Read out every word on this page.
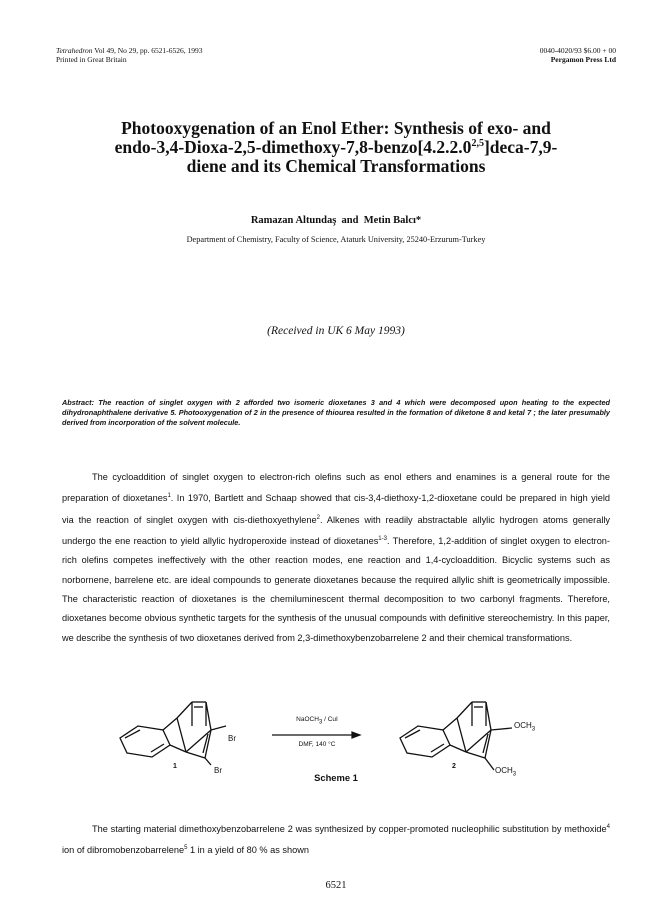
Tetrahedron Vol 49, No 29, pp. 6521-6526, 1993
Printed in Great Britain
0040-4020/93 $6.00 + 00
Pergamon Press Ltd
Photooxygenation of an Enol Ether: Synthesis of exo- and
endo-3,4-Dioxa-2,5-dimethoxy-7,8-benzo[4.2.2.0$^{2,5}$]deca-7,9-
diene and its Chemical Transformations
Ramazan Altundaş and Metin Balcı*
Department of Chemistry, Faculty of Science, Ataturk University, 25240-Erzurum-Turkey
(Received in UK 6 May 1993)
Abstract: The reaction of singlet oxygen with 2 afforded two isomeric dioxetanes 3 and 4 which were decomposed upon heating to the expected dihydronaphthalene derivative 5. Photooxygenation of 2 in the presence of thiourea resulted in the formation of diketone 8 and ketal 7 ; the later presumably derived from incorporation of the solvent molecule.
The cycloaddition of singlet oxygen to electron-rich olefins such as enol ethers and enamines is a general route for the preparation of dioxetanes$^1$. In 1970, Bartlett and Schaap showed that cis-3,4-diethoxy-1,2-dioxetane could be prepared in high yield via the reaction of singlet oxygen with cis-diethoxyethylene$^2$. Alkenes with readily abstractable allylic hydrogen atoms generally undergo the ene reaction to yield allylic hydroperoxide instead of dioxetanes$^{1-3}$. Therefore, 1,2-addition of singlet oxygen to electron-rich olefins competes ineffectively with the other reaction modes, ene reaction and 1,4-cycloaddition. Bicyclic systems such as norbornene, barrelene etc. are ideal compounds to generate dioxetanes because the required allylic shift is geometrically impossible. The characteristic reaction of dioxetanes is the chemiluminescent thermal decomposition to two carbonyl fragments. Therefore, dioxetanes become obvious synthetic targets for the synthesis of the unusual compounds with definitive stereochemistry. In this paper, we describe the synthesis of two dioxetanes derived from 2,3-dimethoxybenzobarrelene 2 and their chemical transformations.
Br
Br
1
NaOCH$_3$ / CuI
DMF, 140 °C
$OCH_3$
$OCH_3$
2
Scheme 1
The starting material dimethoxybenzobarrelene 2 was synthesized by copper-promoted nucleophilic substitution by methoxide$^4$ ion of dibromobenzobarrelene$^5$ 1 in a yield of 80 % as shown
6521
